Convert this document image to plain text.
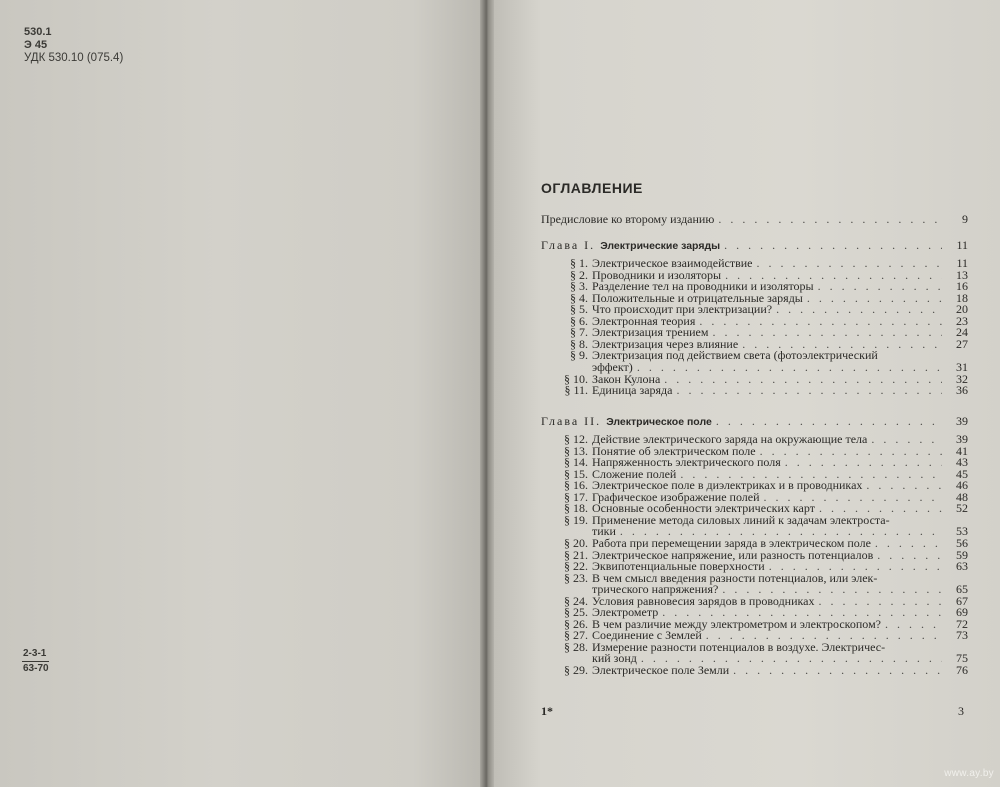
530.1
Э 45
УДК 530.10 (075.4)
$\frac{2-3-1}{63-70}$
ОГЛАВЛЕНИЕ
Предисловие ко второму изданию . . .	9
Глава I. Электрические заряды . . .	11
§ 1. Электрическое взаимодействие . . .	11
§ 2. Проводники и изоляторы . . .	13
§ 3. Разделение тел на проводники и изоляторы . . .	16
§ 4. Положительные и отрицательные заряды . . .	18
§ 5. Что происходит при электризации? . . .	20
§ 6. Электронная теория . . .	23
§ 7. Электризация трением . . .	24
§ 8. Электризация через влияние . . .	27
§ 9. Электризация под действием света (фотоэлектрический
эффект) . . .	31
§ 10. Закон Кулона . . .	32
§ 11. Единица заряда . . .	36
Глава II. Электрическое поле . . .	39
§ 12. Действие электрического заряда на окружающие тела . . .	39
§ 13. Понятие об электрическом поле . . .	41
§ 14. Напряженность электрического поля . . .	43
§ 15. Сложение полей . . .	45
§ 16. Электрическое поле в диэлектриках и в проводниках . . .	46
§ 17. Графическое изображение полей . . .	48
§ 18. Основные особенности электрических карт . . .	52
§ 19. Применение метода силовых линий к задачам электроста-
тики . . .	53
§ 20. Работа при перемещении заряда в электрическом поле . . .	56
§ 21. Электрическое напряжение, или разность потенциалов . . .	59
§ 22. Эквипотенциальные поверхности . . .	63
§ 23. В чем смысл введения разности потенциалов, или элек-
трического напряжения? . . .	65
§ 24. Условия равновесия зарядов в проводниках . . .	67
§ 25. Электрометр . . .	69
§ 26. В чем различие между электрометром и электроскопом? . . .	72
§ 27. Соединение с Землей . . .	73
§ 28. Измерение разности потенциалов в воздухе. Электричес-
кий зонд . . .	75
§ 29. Электрическое поле Земли . . .	76
1*	3
www.ay.by
